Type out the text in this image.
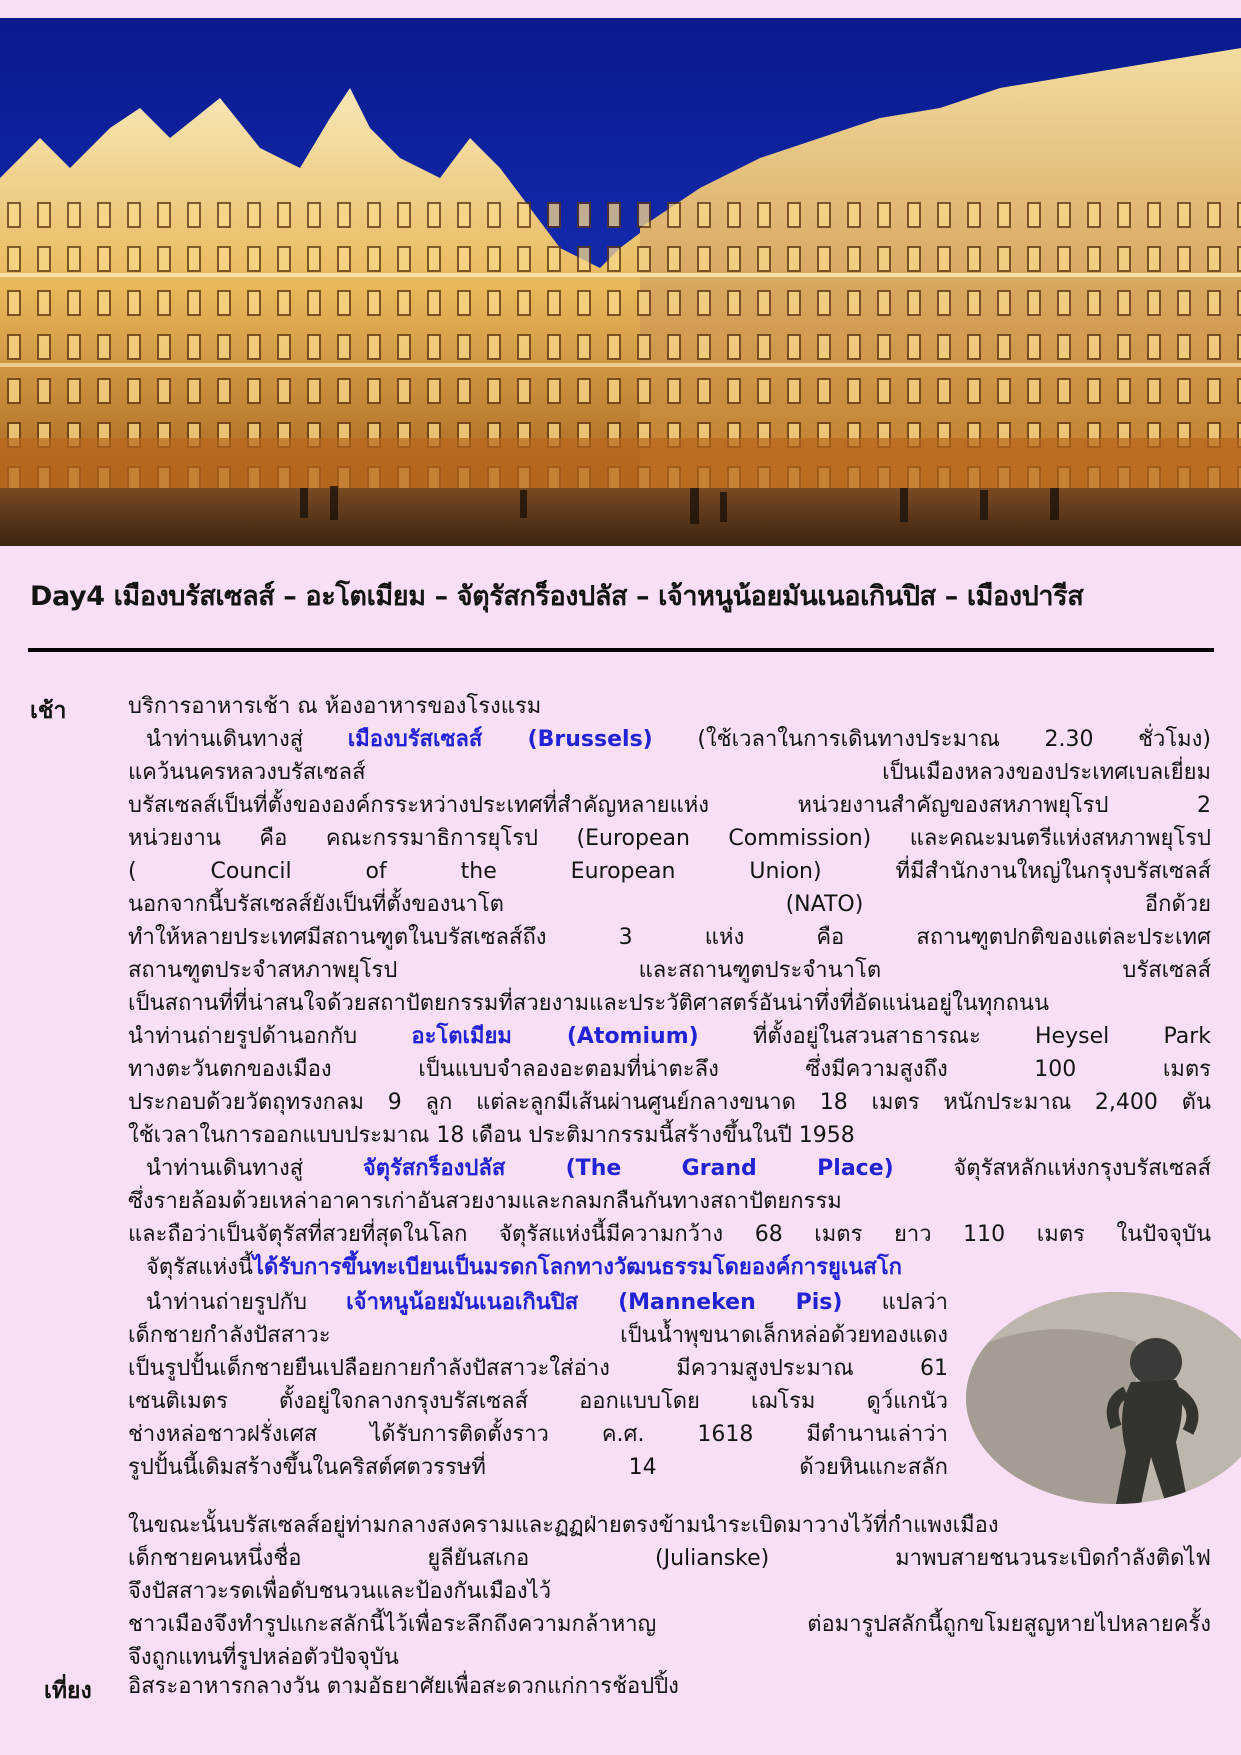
Day4 เมืองบรัสเซลส์ – อะโตเมียม – จัตุรัสกร็องปลัส – เจ้าหนูน้อยมันเนอเกินปิส – เมืองปารีส
เช้า	บริการอาหารเช้า ณ ห้องอาหารของโรงแรม

นำท่านเดินทางสู่ เมืองบรัสเซลส์ (Brussels) (ใช้เวลาในการเดินทางประมาณ 2.30 ชั่วโมง)

แคว้นนครหลวงบรัสเซลส์ เป็นเมืองหลวงของประเทศเบลเยี่ยม

บรัสเซลส์เป็นที่ตั้งขององค์กรระหว่างประเทศที่สำคัญหลายแห่ง หน่วยงานสำคัญของสหภาพยุโรป 2

หน่วยงาน คือ คณะกรรมาธิการยุโรป (European Commission) และคณะมนตรีแห่งสหภาพยุโรป

( Council of the European Union) ที่มีสำนักงานใหญ่ในกรุงบรัสเซลส์

นอกจากนี้บรัสเซลส์ยังเป็นที่ตั้งของนาโต (NATO) อีกด้วย

ทำให้หลายประเทศมีสถานฑูตในบรัสเซลส์ถึง 3 แห่ง คือ สถานฑูตปกติของแต่ละประเทศ

สถานฑูตประจำสหภาพยุโรป และสถานฑูตประจำนาโต บรัสเซลส์

เป็นสถานที่ที่น่าสนใจด้วยสถาปัตยกรรมที่สวยงามและประวัติศาสตร์อันน่าทึ่งที่อัดแน่นอยู่ในทุกถนน

นำท่านถ่ายรูปด้านอกกับ อะโตเมียม (Atomium) ที่ตั้งอยู่ในสวนสาธารณะ Heysel Park

ทางตะวันตกของเมือง เป็นแบบจำลองอะตอมที่น่าตะลึง ซึ่งมีความสูงถึง 100 เมตร

ประกอบด้วยวัตถุทรงกลม 9 ลูก แต่ละลูกมีเส้นผ่านศูนย์กลางขนาด 18 เมตร หนักประมาณ 2,400 ตัน

ใช้เวลาในการออกแบบประมาณ 18 เดือน ประติมากรรมนี้สร้างขึ้นในปี 1958

นำท่านเดินทางสู่ จัตุรัสกร็องปลัส (The Grand Place) จัตุรัสหลักแห่งกรุงบรัสเซลส์

ซึ่งรายล้อมด้วยเหล่าอาคารเก่าอันสวยงามและกลมกลืนกันทางสถาปัตยกรรม

และถือว่าเป็นจัตุรัสที่สวยที่สุดในโลก จัตุรัสแห่งนี้มีความกว้าง 68 เมตร ยาว 110 เมตร ในปัจจุบัน

จัตุรัสแห่งนี้ได้รับการขึ้นทะเบียนเป็นมรดกโลกทางวัฒนธรรมโดยองค์การยูเนสโก

นำท่านถ่ายรูปกับ เจ้าหนูน้อยมันเนอเกินปิส (Manneken Pis) แปลว่า

เด็กชายกำลังปัสสาวะ เป็นน้ำพุขนาดเล็กหล่อด้วยทองแดง

เป็นรูปปั้นเด็กชายยืนเปลือยกายกำลังปัสสาวะใส่อ่าง มีความสูงประมาณ 61

เซนติเมตร ตั้งอยู่ใจกลางกรุงบรัสเซลส์ ออกแบบโดย เฌโรม ดูว์แกนัว

ช่างหล่อชาวฝรั่งเศส ได้รับการติดตั้งราว ค.ศ. 1618 มีตำนานเล่าว่า

รูปปั้นนี้เดิมสร้างขึ้นในคริสต์ศตวรรษที่ 14 ด้วยหินแกะสลัก

ในขณะนั้นบรัสเซลส์อยู่ท่ามกลางสงครามและฏฏฝ่ายตรงข้ามนำระเบิดมาวางไว้ที่กำแพงเมือง

เด็กชายคนหนึ่งชื่อ ยูลียันสเกอ (Julianske) มาพบสายชนวนระเบิดกำลังติดไฟ

จึงปัสสาวะรดเพื่อดับชนวนและป้องกันเมืองไว้

ชาวเมืองจึงทำรูปแกะสลักนี้ไว้เพื่อระลึกถึงความกล้าหาญ ต่อมารูปสลักนี้ถูกขโมยสูญหายไปหลายครั้ง

จึงถูกแทนที่รูปหล่อตัวปัจจุบัน

เที่ยง อิสระอาหารกลางวัน ตามอัธยาศัยเพื่อสะดวกแก่การช้อปปิ้ง
